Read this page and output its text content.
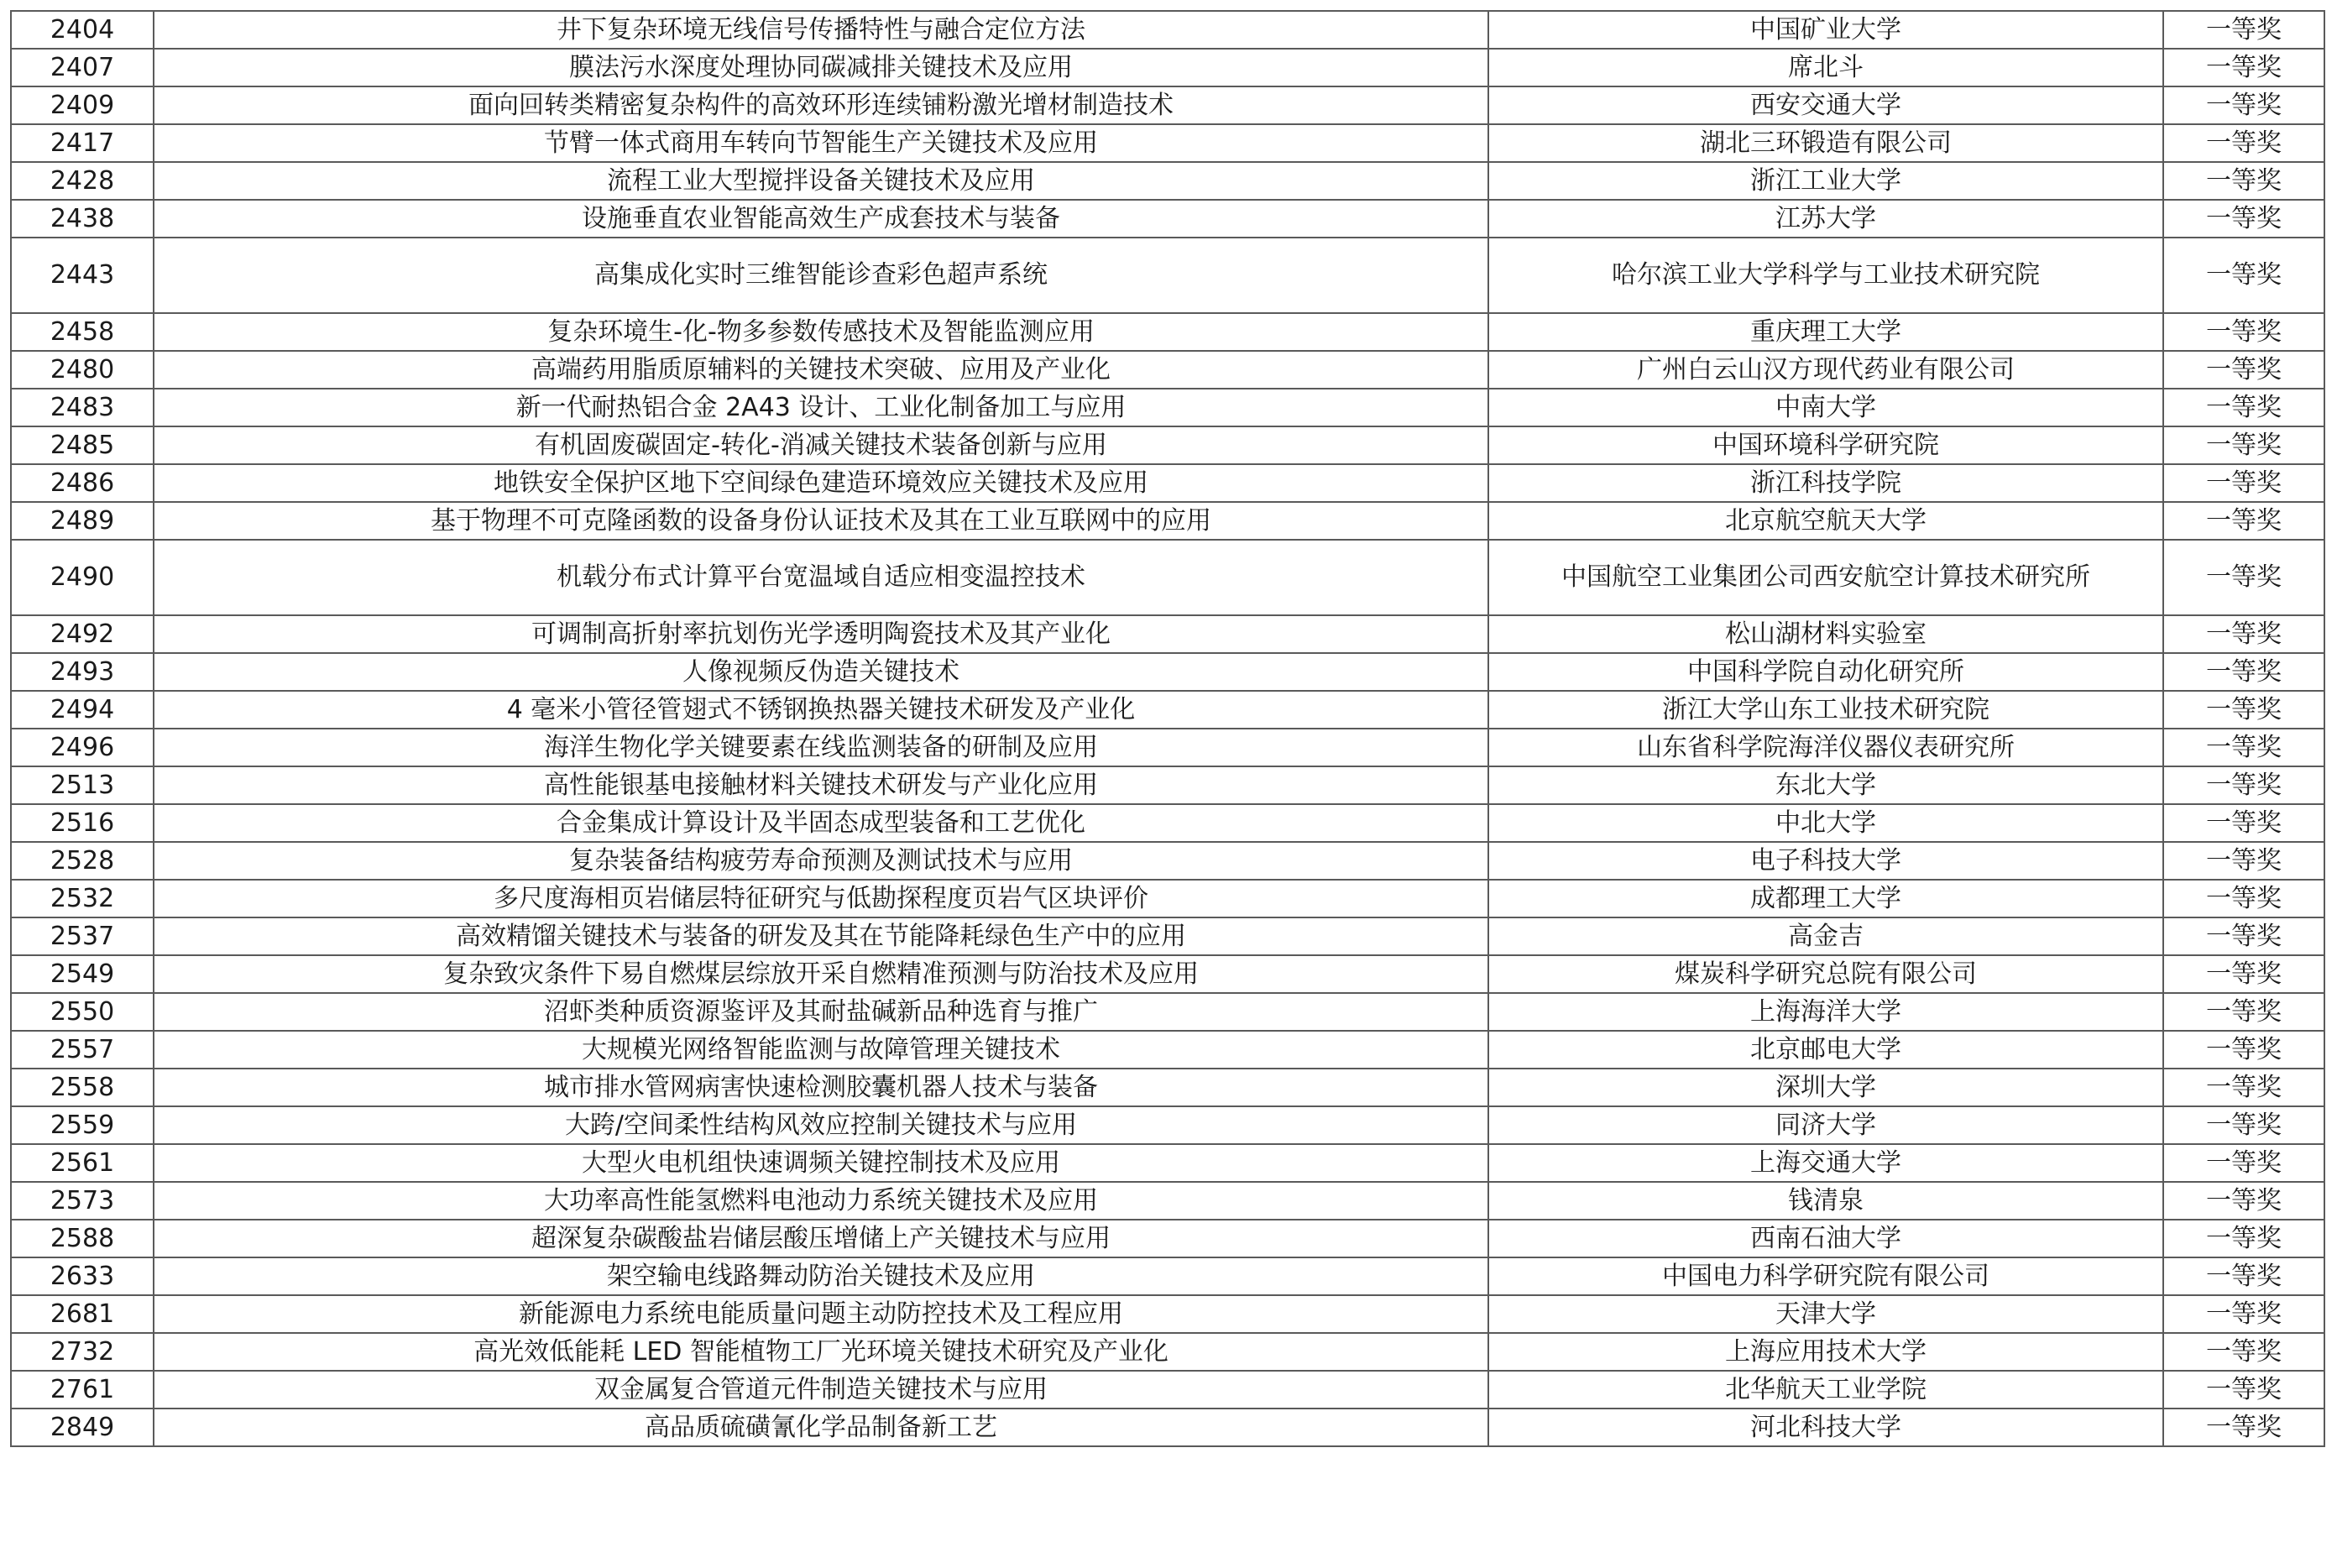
2404	井下复杂环境无线信号传播特性与融合定位方法	中国矿业大学	一等奖
2407	膜法污水深度处理协同碳减排关键技术及应用	席北斗	一等奖
2409	面向回转类精密复杂构件的高效环形连续铺粉激光增材制造技术	西安交通大学	一等奖
2417	节臂一体式商用车转向节智能生产关键技术及应用	湖北三环锻造有限公司	一等奖
2428	流程工业大型搅拌设备关键技术及应用	浙江工业大学	一等奖
2438	设施垂直农业智能高效生产成套技术与装备	江苏大学	一等奖
2443	高集成化实时三维智能诊查彩色超声系统	哈尔滨工业大学科学与工业技术研究院	一等奖
2458	复杂环境生-化-物多参数传感技术及智能监测应用	重庆理工大学	一等奖
2480	高端药用脂质原辅料的关键技术突破、应用及产业化	广州白云山汉方现代药业有限公司	一等奖
2483	新一代耐热铝合金 2A43 设计、工业化制备加工与应用	中南大学	一等奖
2485	有机固废碳固定-转化-消减关键技术装备创新与应用	中国环境科学研究院	一等奖
2486	地铁安全保护区地下空间绿色建造环境效应关键技术及应用	浙江科技学院	一等奖
2489	基于物理不可克隆函数的设备身份认证技术及其在工业互联网中的应用	北京航空航天大学	一等奖
2490	机载分布式计算平台宽温域自适应相变温控技术	中国航空工业集团公司西安航空计算技术研究所	一等奖
2492	可调制高折射率抗划伤光学透明陶瓷技术及其产业化	松山湖材料实验室	一等奖
2493	人像视频反伪造关键技术	中国科学院自动化研究所	一等奖
2494	4 毫米小管径管翅式不锈钢换热器关键技术研发及产业化	浙江大学山东工业技术研究院	一等奖
2496	海洋生物化学关键要素在线监测装备的研制及应用	山东省科学院海洋仪器仪表研究所	一等奖
2513	高性能银基电接触材料关键技术研发与产业化应用	东北大学	一等奖
2516	合金集成计算设计及半固态成型装备和工艺优化	中北大学	一等奖
2528	复杂装备结构疲劳寿命预测及测试技术与应用	电子科技大学	一等奖
2532	多尺度海相页岩储层特征研究与低勘探程度页岩气区块评价	成都理工大学	一等奖
2537	高效精馏关键技术与装备的研发及其在节能降耗绿色生产中的应用	高金吉	一等奖
2549	复杂致灾条件下易自燃煤层综放开采自燃精准预测与防治技术及应用	煤炭科学研究总院有限公司	一等奖
2550	沼虾类种质资源鉴评及其耐盐碱新品种选育与推广	上海海洋大学	一等奖
2557	大规模光网络智能监测与故障管理关键技术	北京邮电大学	一等奖
2558	城市排水管网病害快速检测胶囊机器人技术与装备	深圳大学	一等奖
2559	大跨/空间柔性结构风效应控制关键技术与应用	同济大学	一等奖
2561	大型火电机组快速调频关键控制技术及应用	上海交通大学	一等奖
2573	大功率高性能氢燃料电池动力系统关键技术及应用	钱清泉	一等奖
2588	超深复杂碳酸盐岩储层酸压增储上产关键技术与应用	西南石油大学	一等奖
2633	架空输电线路舞动防治关键技术及应用	中国电力科学研究院有限公司	一等奖
2681	新能源电力系统电能质量问题主动防控技术及工程应用	天津大学	一等奖
2732	高光效低能耗 LED 智能植物工厂光环境关键技术研究及产业化	上海应用技术大学	一等奖
2761	双金属复合管道元件制造关键技术与应用	北华航天工业学院	一等奖
2849	高品质硫磺氰化学品制备新工艺	河北科技大学	一等奖
